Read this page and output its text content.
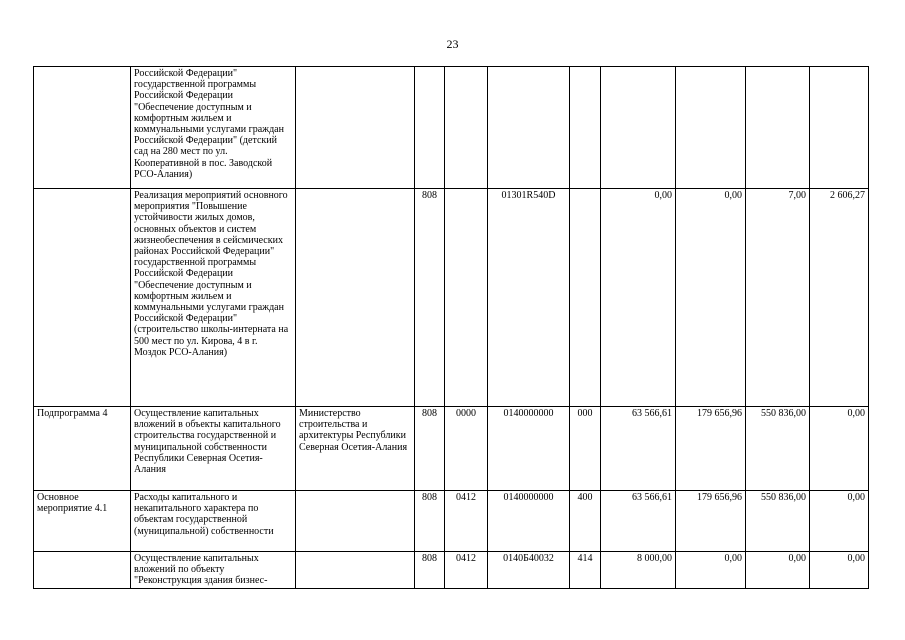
23
	Российской Федерации" государственной программы Российской Федерации "Обеспечение доступным и комфортным жильем и коммунальными услугами граждан Российской Федерации" (детский сад на 280 мест по ул. Кооперативной в пос. Заводской РСО-Алания)									
	Реализация мероприятий основного мероприятия "Повышение устойчивости жилых домов, основных объектов и систем жизнеобеспечения в сейсмических районах Российской Федерации" государственной программы Российской Федерации "Обеспечение доступным и комфортным жильем и коммунальными услугами граждан Российской Федерации" (строительство школы-интерната на 500 мест по ул. Кирова, 4 в г. Моздок РСО-Алания)		808		01301R540D		0,00	0,00	7,00	2 606,27
Подпрограмма 4	Осуществление капитальных вложений в объекты капитального строительства государственной и муниципальной собственности Республики Северная Осетия-Алания	Министерство строительства и архитектуры Республики Северная Осетия-Алания	808	0000	0140000000	000	63 566,61	179 656,96	550 836,00	0,00
Основное мероприятие 4.1	Расходы капитального и некапитального характера по объектам государственной (муниципальной) собственности		808	0412	0140000000	400	63 566,61	179 656,96	550 836,00	0,00
	Осуществление капитальных вложений по объекту "Реконструкция здания бизнес-		808	0412	0140Б40032	414	8 000,00	0,00	0,00	0,00
